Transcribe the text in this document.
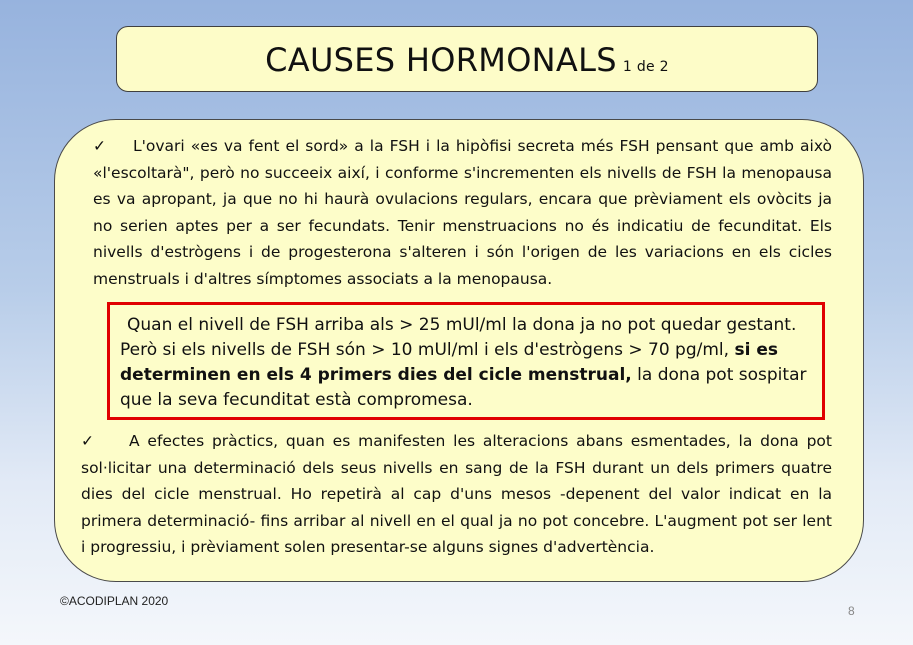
CAUSES HORMONALS 1 de 2
✓ L'ovari «es va fent el sord» a la FSH i la hipòfisi secreta més FSH pensant que amb això «l'escoltarà", però no succeeix així, i conforme s'incrementen els nivells de FSH la menopausa es va apropant, ja que no hi haurà ovulacions regulars, encara que prèviament els ovòcits ja no serien aptes per a ser fecundats. Tenir menstruacions no és indicatiu de fecunditat. Els nivells d'estrògens i de progesterona s'alteren i són l'origen de les variacions en els cicles menstruals i d'altres símptomes associats a la menopausa.
Quan el nivell de FSH arriba als > 25 mUl/ml la dona ja no pot quedar gestant.
Però si els nivells de FSH són > 10 mUl/ml i els d'estrògens > 70 pg/ml, si es determinen en els 4 primers dies del cicle menstrual, la dona pot sospitar que la seva fecunditat està compromesa.
✓ A efectes pràctics, quan es manifesten les alteracions abans esmentades, la dona pot sol·licitar una determinació dels seus nivells en sang de la FSH durant un dels primers quatre dies del cicle menstrual. Ho repetirà al cap d'uns mesos -depenent del valor indicat en la primera determinació- fins arribar al nivell en el qual ja no pot concebre. L'augment pot ser lent i progressiu, i prèviament solen presentar-se alguns signes d'advertència.
©ACODIPLAN 2020
8
